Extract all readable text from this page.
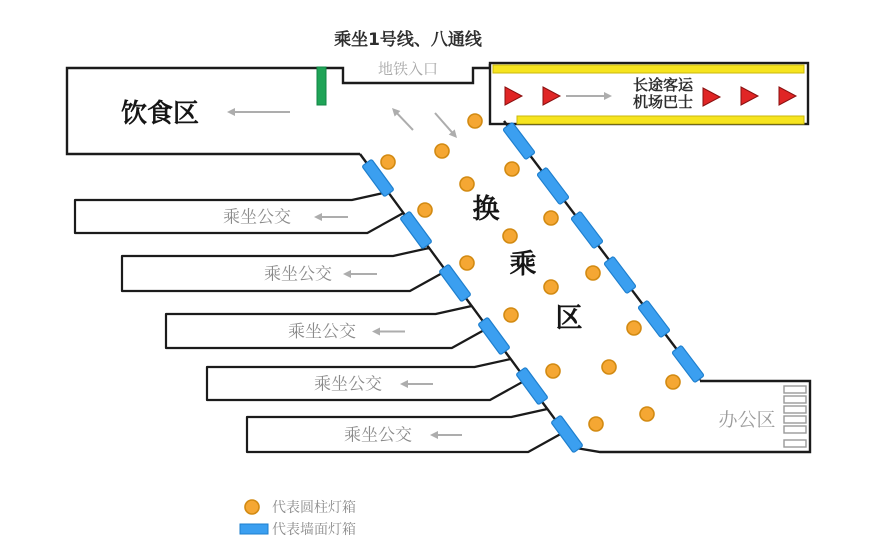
乘坐公交
乘坐公交
乘坐公交
乘坐公交
乘坐公交
乘坐1号线、八通线
地铁入口
饮食区
长途客运
机场巴士
换
乘
区
办公区
代表圆柱灯箱
代表墙面灯箱
